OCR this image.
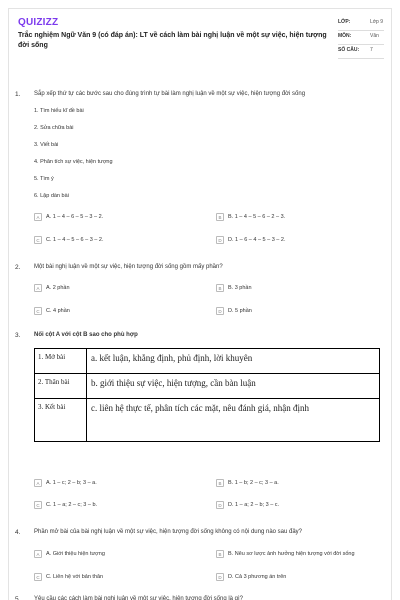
QUIZIZZ
Trắc nghiệm Ngữ Văn 9 (có đáp án): LT về cách làm bài nghị luận về một sự việc, hiện tượng đời sống
LỚP:	Lớp 9
MÔN:	Văn
SỐ CÂU: 7
1. Sắp xếp thứ tự các bước sau cho đúng trình tự bài làm nghị luận về một sự việc, hiện tượng đời sống
1. Tìm hiểu kĩ đề bài
2. Sửa chữa bài
3. Viết bài
4. Phân tích sự việc, hiện tượng
5. Tìm ý
6. Lập dàn bài
A	A. 1 – 4 – 6 – 5 – 3 – 2.	B	B. 1 – 4 – 5 – 6 – 2 – 3.
C	C. 1 – 4 – 5 – 6 – 3 – 2.	D	D. 1 – 6 – 4 – 5 – 3 – 2.
2. Một bài nghị luận về một sự việc, hiện tượng đời sống gồm mấy phần?
A	A. 2 phần	B	B. 3 phần
C	C. 4 phần	D	D. 5 phần
3. Nối cột A với cột B sao cho phù hợp
1. Mở bài	a. kết luận, khẳng định, phủ định, lời khuyên
2. Thân bài	b. giới thiệu sự việc, hiện tượng, cần bàn luận
3. Kết bài	c. liên hệ thực tế, phân tích các mặt, nêu đánh giá, nhận định
A	A. 1 – c; 2 – b; 3 – a.	B	B. 1 – b; 2 – c; 3 – a.
C	C. 1 – a; 2 – c; 3 – b.	D	D. 1 – a; 2 – b; 3 – c.
4. Phần mở bài của bài nghị luận về một sự việc, hiện tượng đời sống không có nội dung nào sau đây?
A	A. Giới thiệu hiện tượng	B	B. Nêu sơ lược ảnh hưởng hiện tượng với đời sống
C	C. Liên hệ với bản thân	D	D. Cả 3 phương án trên
5. Yêu cầu các cách làm bài nghị luận về một sự việc, hiện tượng đời sống là gì?
